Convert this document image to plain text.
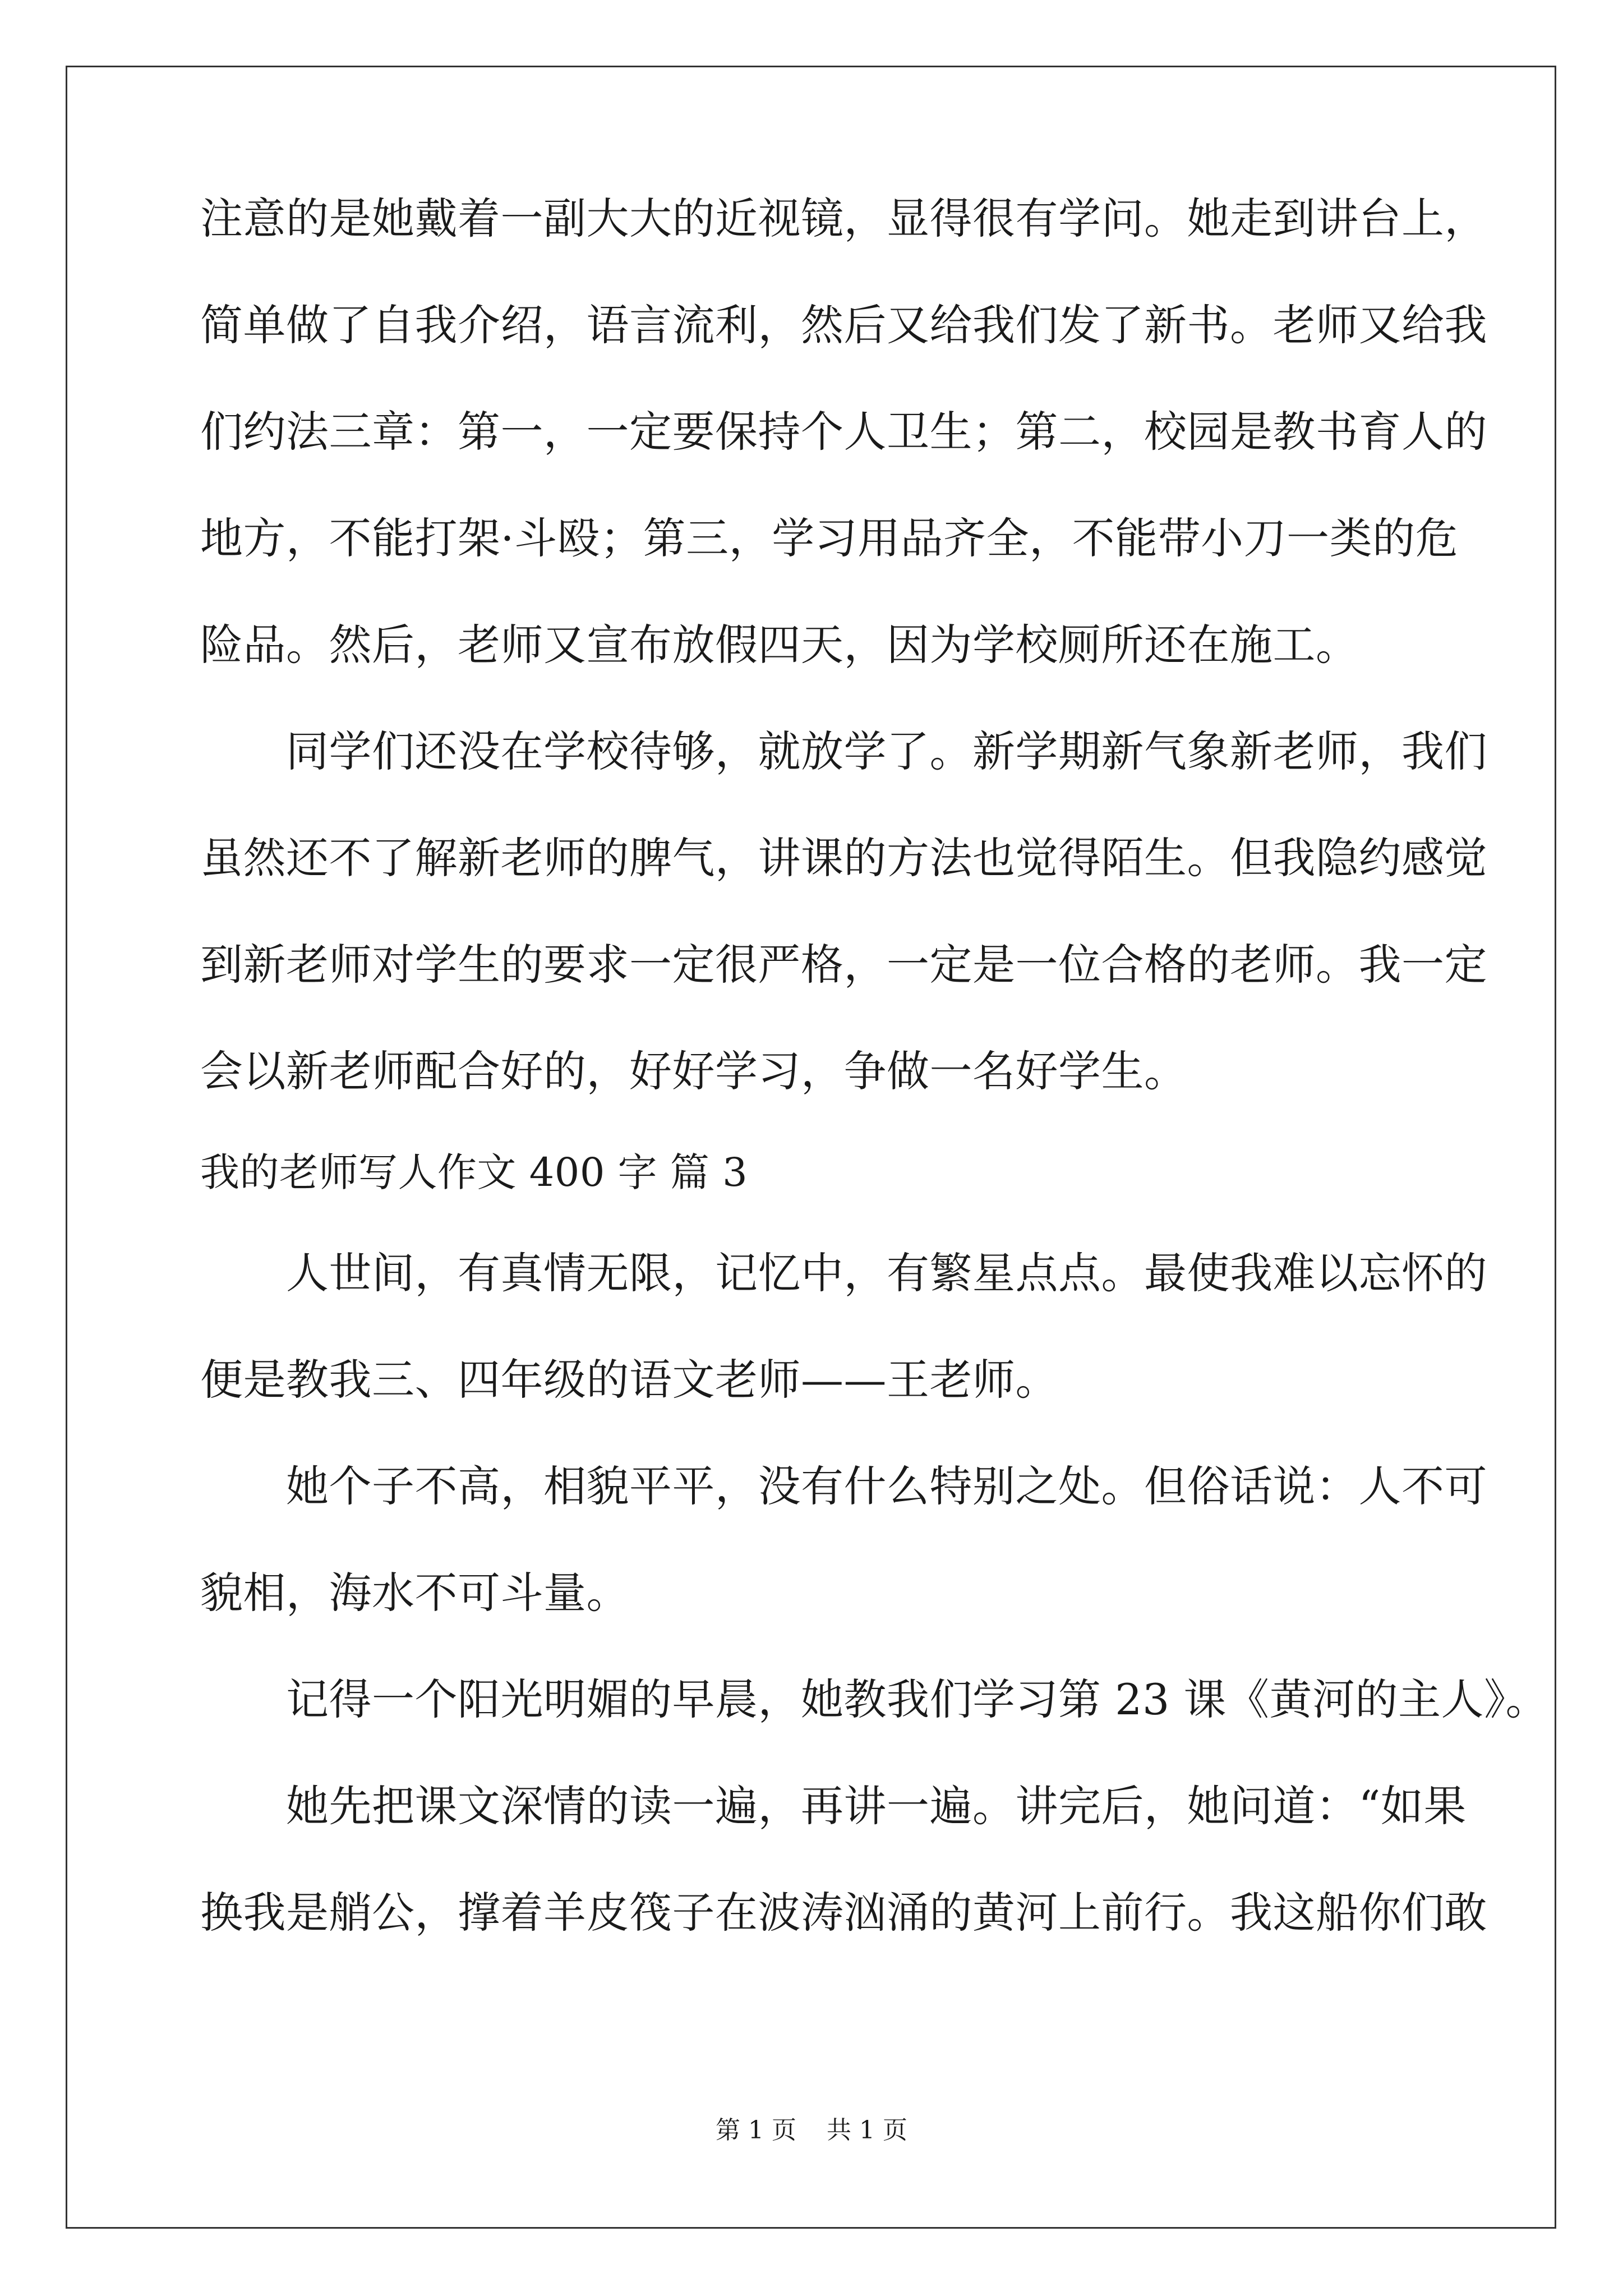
注意的是她戴着一副大大的近视镜，显得很有学问。她走到讲台上，
简单做了自我介绍，语言流利，然后又给我们发了新书。老师又给我
们约法三章：第一，一定要保持个人卫生；第二，校园是教书育人的
地方，不能打架·斗殴；第三，学习用品齐全，不能带小刀一类的危
险品。然后，老师又宣布放假四天，因为学校厕所还在施工。
　　同学们还没在学校待够，就放学了。新学期新气象新老师，我们
虽然还不了解新老师的脾气，讲课的方法也觉得陌生。但我隐约感觉
到新老师对学生的要求一定很严格，一定是一位合格的老师。我一定
会以新老师配合好的，好好学习，争做一名好学生。
我的老师写人作文 400 字 篇 3
　　人世间，有真情无限，记忆中，有繁星点点。最使我难以忘怀的
便是教我三、四年级的语文老师——王老师。
　　她个子不高，相貌平平，没有什么特别之处。但俗话说：人不可
貌相，海水不可斗量。
　　记得一个阳光明媚的早晨，她教我们学习第 23 课《黄河的主人》。
　　她先把课文深情的读一遍，再讲一遍。讲完后，她问道：“如果
换我是艄公，撑着羊皮筏子在波涛汹涌的黄河上前行。我这船你们敢
第 1 页 共 1 页
